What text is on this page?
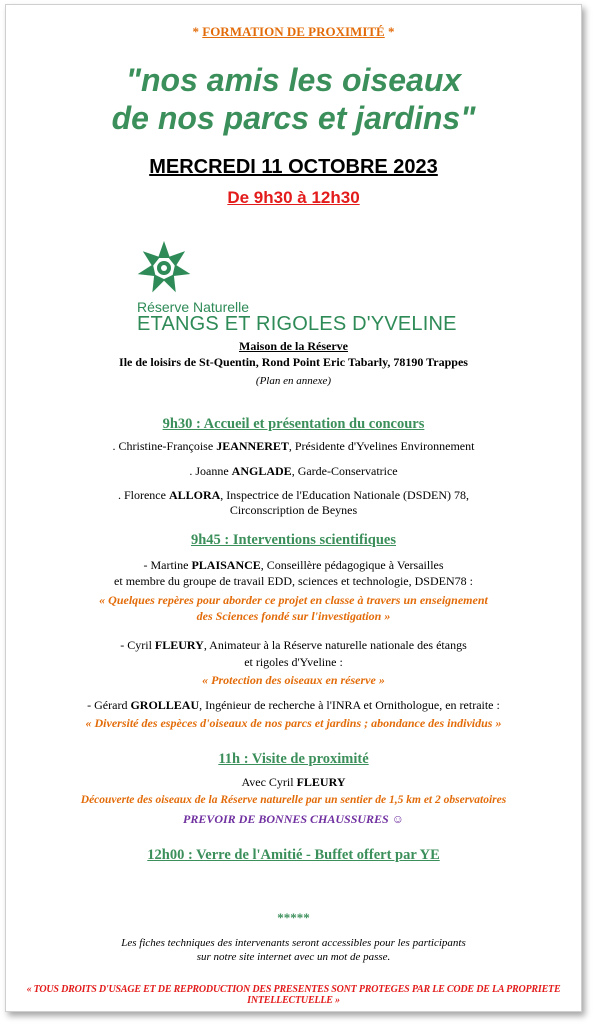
* FORMATION DE PROXIMITÉ *
"nos amis les oiseaux
de nos parcs et jardins"
MERCREDI 11 OCTOBRE 2023
De 9h30 à 12h30
Réserve Naturelle
ETANGS ET RIGOLES D'YVELINE
Maison de la Réserve
Ile de loisirs de St-Quentin, Rond Point Eric Tabarly, 78190 Trappes
(Plan en annexe)
9h30 : Accueil et présentation du concours
. Christine-Françoise JEANNERET, Présidente d'Yvelines Environnement
. Joanne ANGLADE, Garde-Conservatrice
. Florence ALLORA, Inspectrice de l'Education Nationale (DSDEN) 78,
Circonscription de Beynes
9h45 : Interventions scientifiques
- Martine PLAISANCE, Conseillère pédagogique à Versailles
et membre du groupe de travail EDD, sciences et technologie, DSDEN78 :
« Quelques repères pour aborder ce projet en classe à travers un enseignement
des Sciences fondé sur l'investigation »
- Cyril FLEURY, Animateur à la Réserve naturelle nationale des étangs
et rigoles d'Yveline :
« Protection des oiseaux en réserve »
- Gérard GROLLEAU, Ingénieur de recherche à l'INRA et Ornithologue, en retraite :
« Diversité des espèces d'oiseaux de nos parcs et jardins ; abondance des individus »
11h : Visite de proximité
Avec Cyril FLEURY
Découverte des oiseaux de la Réserve naturelle par un sentier de 1,5 km et 2 observatoires
PREVOIR DE BONNES CHAUSSURES ☺
12h00 : Verre de l'Amitié - Buffet offert par YE
*****
Les fiches techniques des intervenants seront accessibles pour les participants
sur notre site internet avec un mot de passe.
« TOUS DROITS D'USAGE ET DE REPRODUCTION DES PRESENTES SONT PROTEGES PAR LE CODE DE LA PROPRIETE INTELLECTUELLE »
